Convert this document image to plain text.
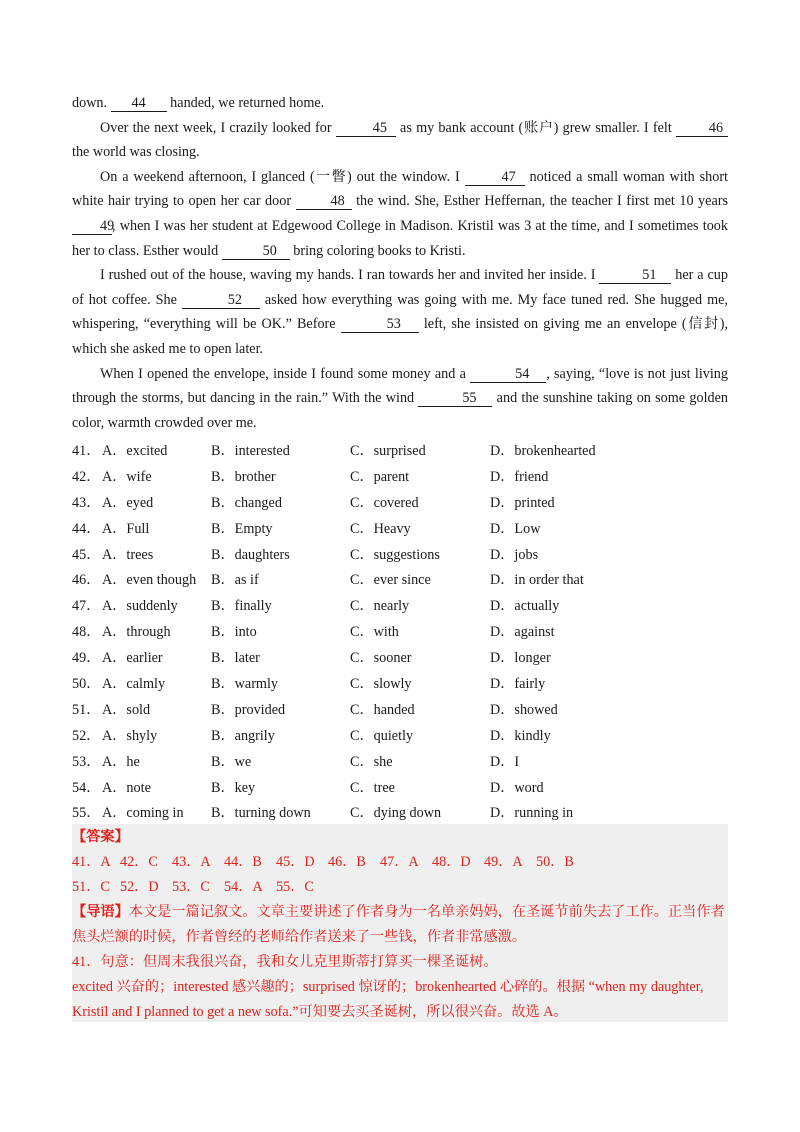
down. 44 handed, we returned home.

Over the next week, I crazily looked for	45 as my bank account (账户) grew smaller. I felt 46 the world was closing.

On a weekend afternoon, I glanced (一瞥) out the window. I	47 noticed a small woman with short white hair trying to open her car door 48 the wind. She, Esther Heffernan, the teacher I first met 10 years 49, when I was her student at Edgewood College in Madison. Kristil was 3 at the time, and I sometimes took her to class. Esther would	50 bring coloring books to Kristi.

I rushed out of the house, waving my hands. I ran towards her and invited her inside. I	51 her a cup of hot coffee. She	52 asked how everything was going with me. My face tuned red. She hugged me, whispering, “everything will be OK.” Before	53 left, she insisted on giving me an envelope (信封), which she asked me to open later.

When I opened the envelope, inside I found some money and a	54 , saying, “love is not just living through the storms, but dancing in the rain.” With the wind	55 and the sunshine taking on some golden color, warmth crowded over me.

41． A．excited	B．interested	C．surprised	D．brokenhearted
42． A．wife	B．brother	C．parent	D．friend
43． A．eyed	B．changed	C．covered	D．printed
44． A．Full	B．Empty	C．Heavy	D．Low
45． A．trees	B．daughters	C．suggestions	D．jobs
46． A．even though	B．as if	C．ever since	D．in order that
47． A．suddenly	B．finally	C．nearly	D．actually
48． A．through	B．into	C．with	D．against
49． A．earlier	B．later	C．sooner	D．longer
50． A．calmly	B．warmly	C．slowly	D．fairly
51． A．sold	B．provided	C．handed	D．showed
52． A．shyly	B．angrily	C．quietly	D．kindly
53． A．he	B．we	C．she	D．I
54． A．note	B．key	C．tree	D．word
55． A．coming in	B．turning down	C．dying down	D．running in

【答案】

41．A 42．C 43．A 44．B 45．D 46．B 47．A 48．D 49．A 50．B
51．C 52．D 53．C 54．A 55．C

【导语】本文是一篇记叙文。文章主要讲述了作者身为一名单亲妈妈，在圣诞节前失去了工作。正当作者焦头烂额的时候，作者曾经的老师给作者送来了一些钱，作者非常感激。

41．句意：但周末我很兴奋，我和女儿克里斯蒂打算买一棵圣诞树。

excited 兴奋的；interested 感兴趣的；surprised 惊讶的；brokenhearted 心碎的。根据 “when my daughter, Kristil and I planned to get a new sofa.”可知要去买圣诞树，所以很兴奋。故选 A。
